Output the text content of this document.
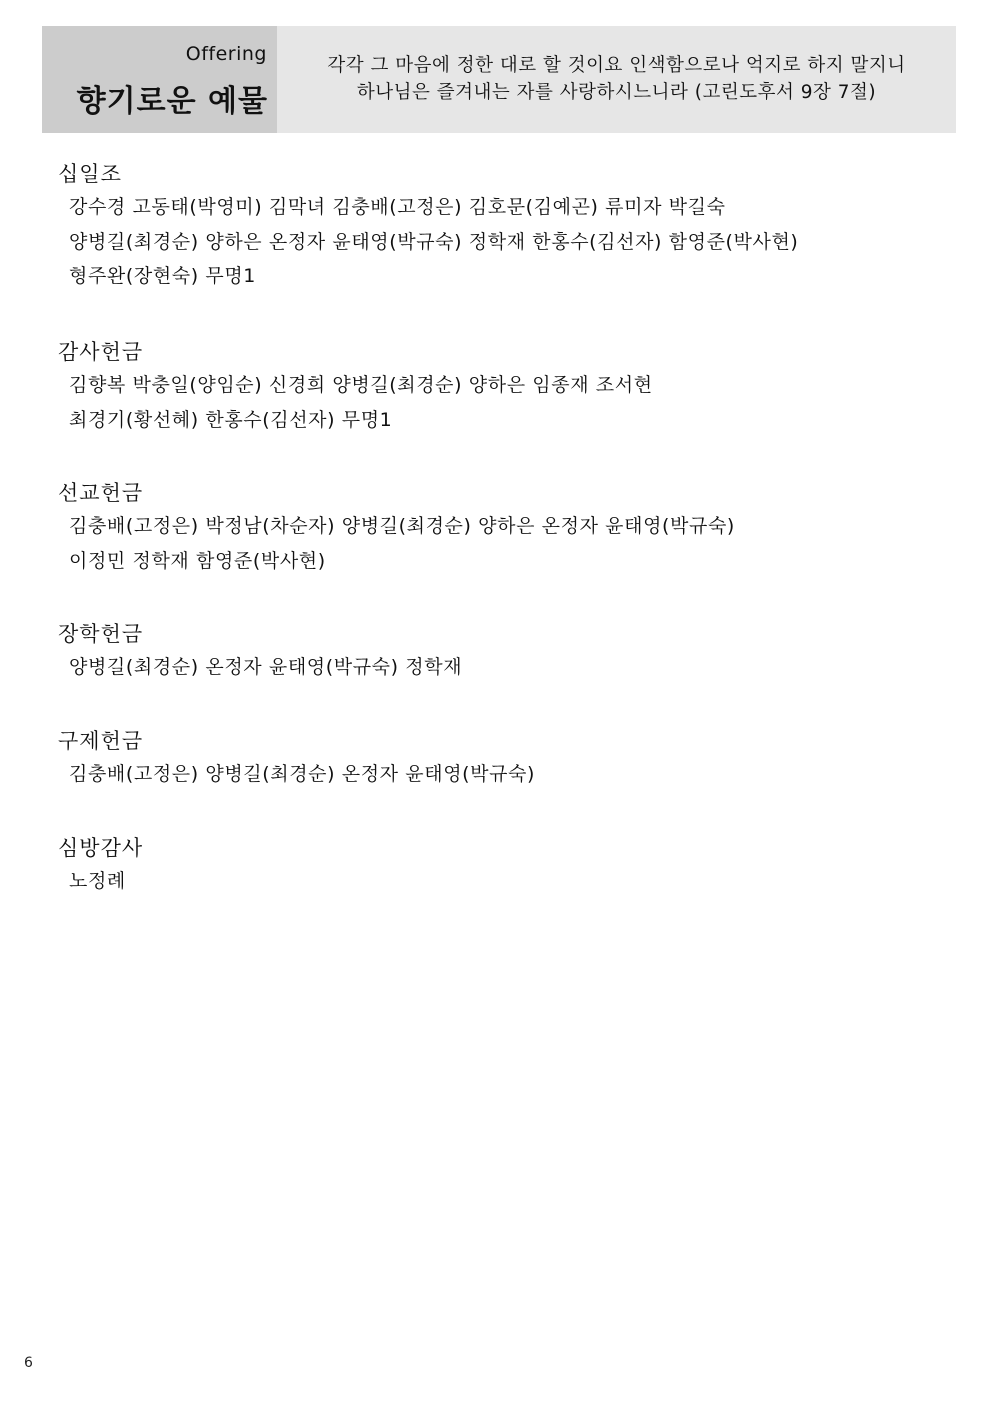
Offering
향기로운 예물
각각 그 마음에 정한 대로 할 것이요 인색함으로나 억지로 하지 말지니
하나님은 즐겨내는 자를 사랑하시느니라 (고린도후서 9장 7절)
십일조
강수경 고동태(박영미) 김막녀 김충배(고정은) 김호문(김예곤) 류미자 박길숙
양병길(최경순) 양하은 온정자 윤태영(박규숙) 정학재 한홍수(김선자) 함영준(박사현)
형주완(장현숙) 무명1
감사헌금
김향복 박충일(양임순) 신경희 양병길(최경순) 양하은 임종재 조서현
최경기(황선혜) 한홍수(김선자) 무명1
선교헌금
김충배(고정은) 박정남(차순자) 양병길(최경순) 양하은 온정자 윤태영(박규숙)
이정민 정학재 함영준(박사현)
장학헌금
양병길(최경순) 온정자 윤태영(박규숙) 정학재
구제헌금
김충배(고정은) 양병길(최경순) 온정자 윤태영(박규숙)
심방감사
노정례
6
